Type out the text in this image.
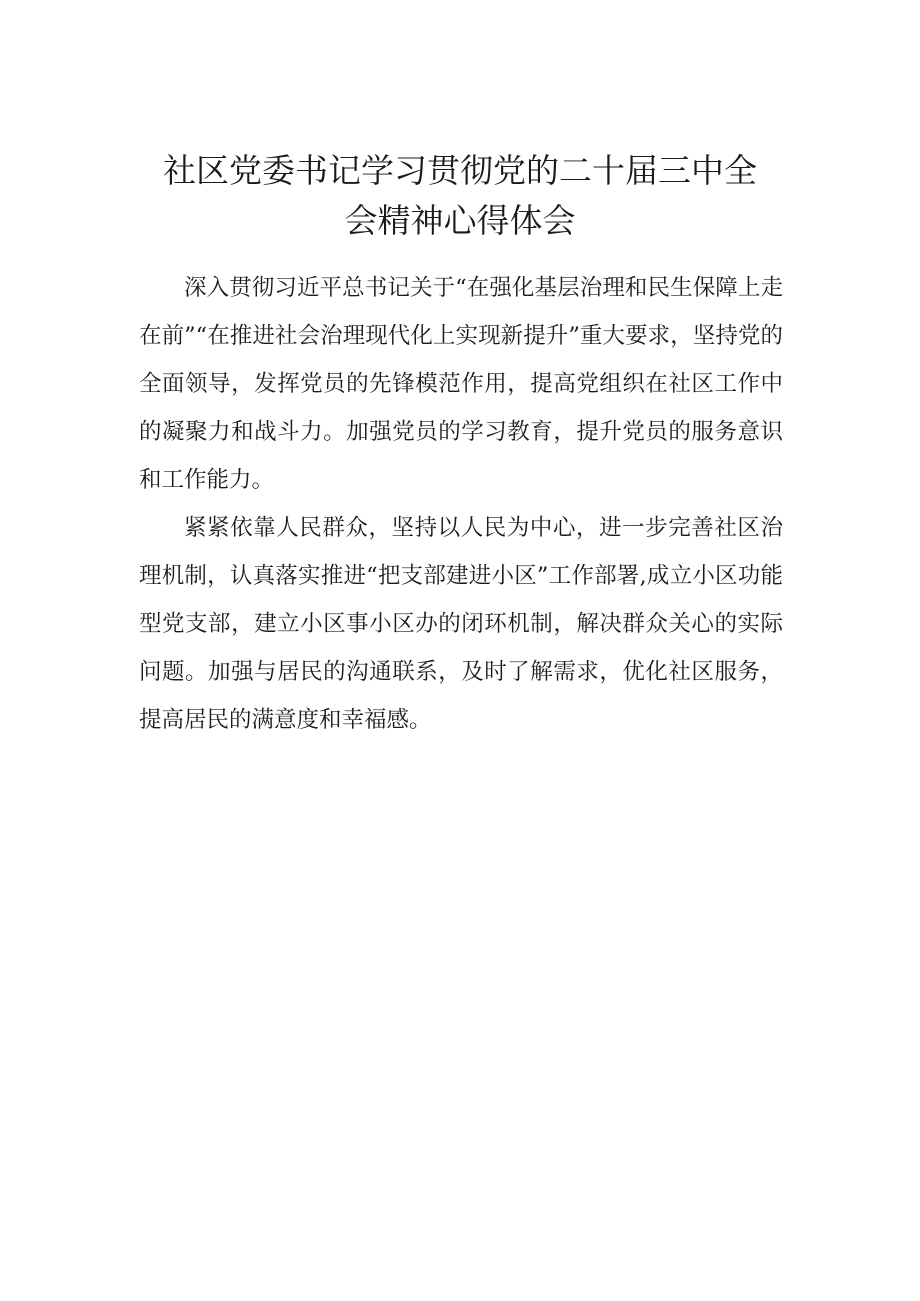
社区党委书记学习贯彻党的二十届三中全
会精神心得体会

深入贯彻习近平总书记关于“在强化基层治理和民生保障上走在前”“在推进社会治理现代化上实现新提升”重大要求，坚持党的全面领导，发挥党员的先锋模范作用，提高党组织在社区工作中的凝聚力和战斗力。加强党员的学习教育，提升党员的服务意识和工作能力。

紧紧依靠人民群众，坚持以人民为中心，进一步完善社区治理机制，认真落实推进“把支部建进小区”工作部署,成立小区功能型党支部，建立小区事小区办的闭环机制，解决群众关心的实际问题。加强与居民的沟通联系，及时了解需求，优化社区服务，提高居民的满意度和幸福感。
